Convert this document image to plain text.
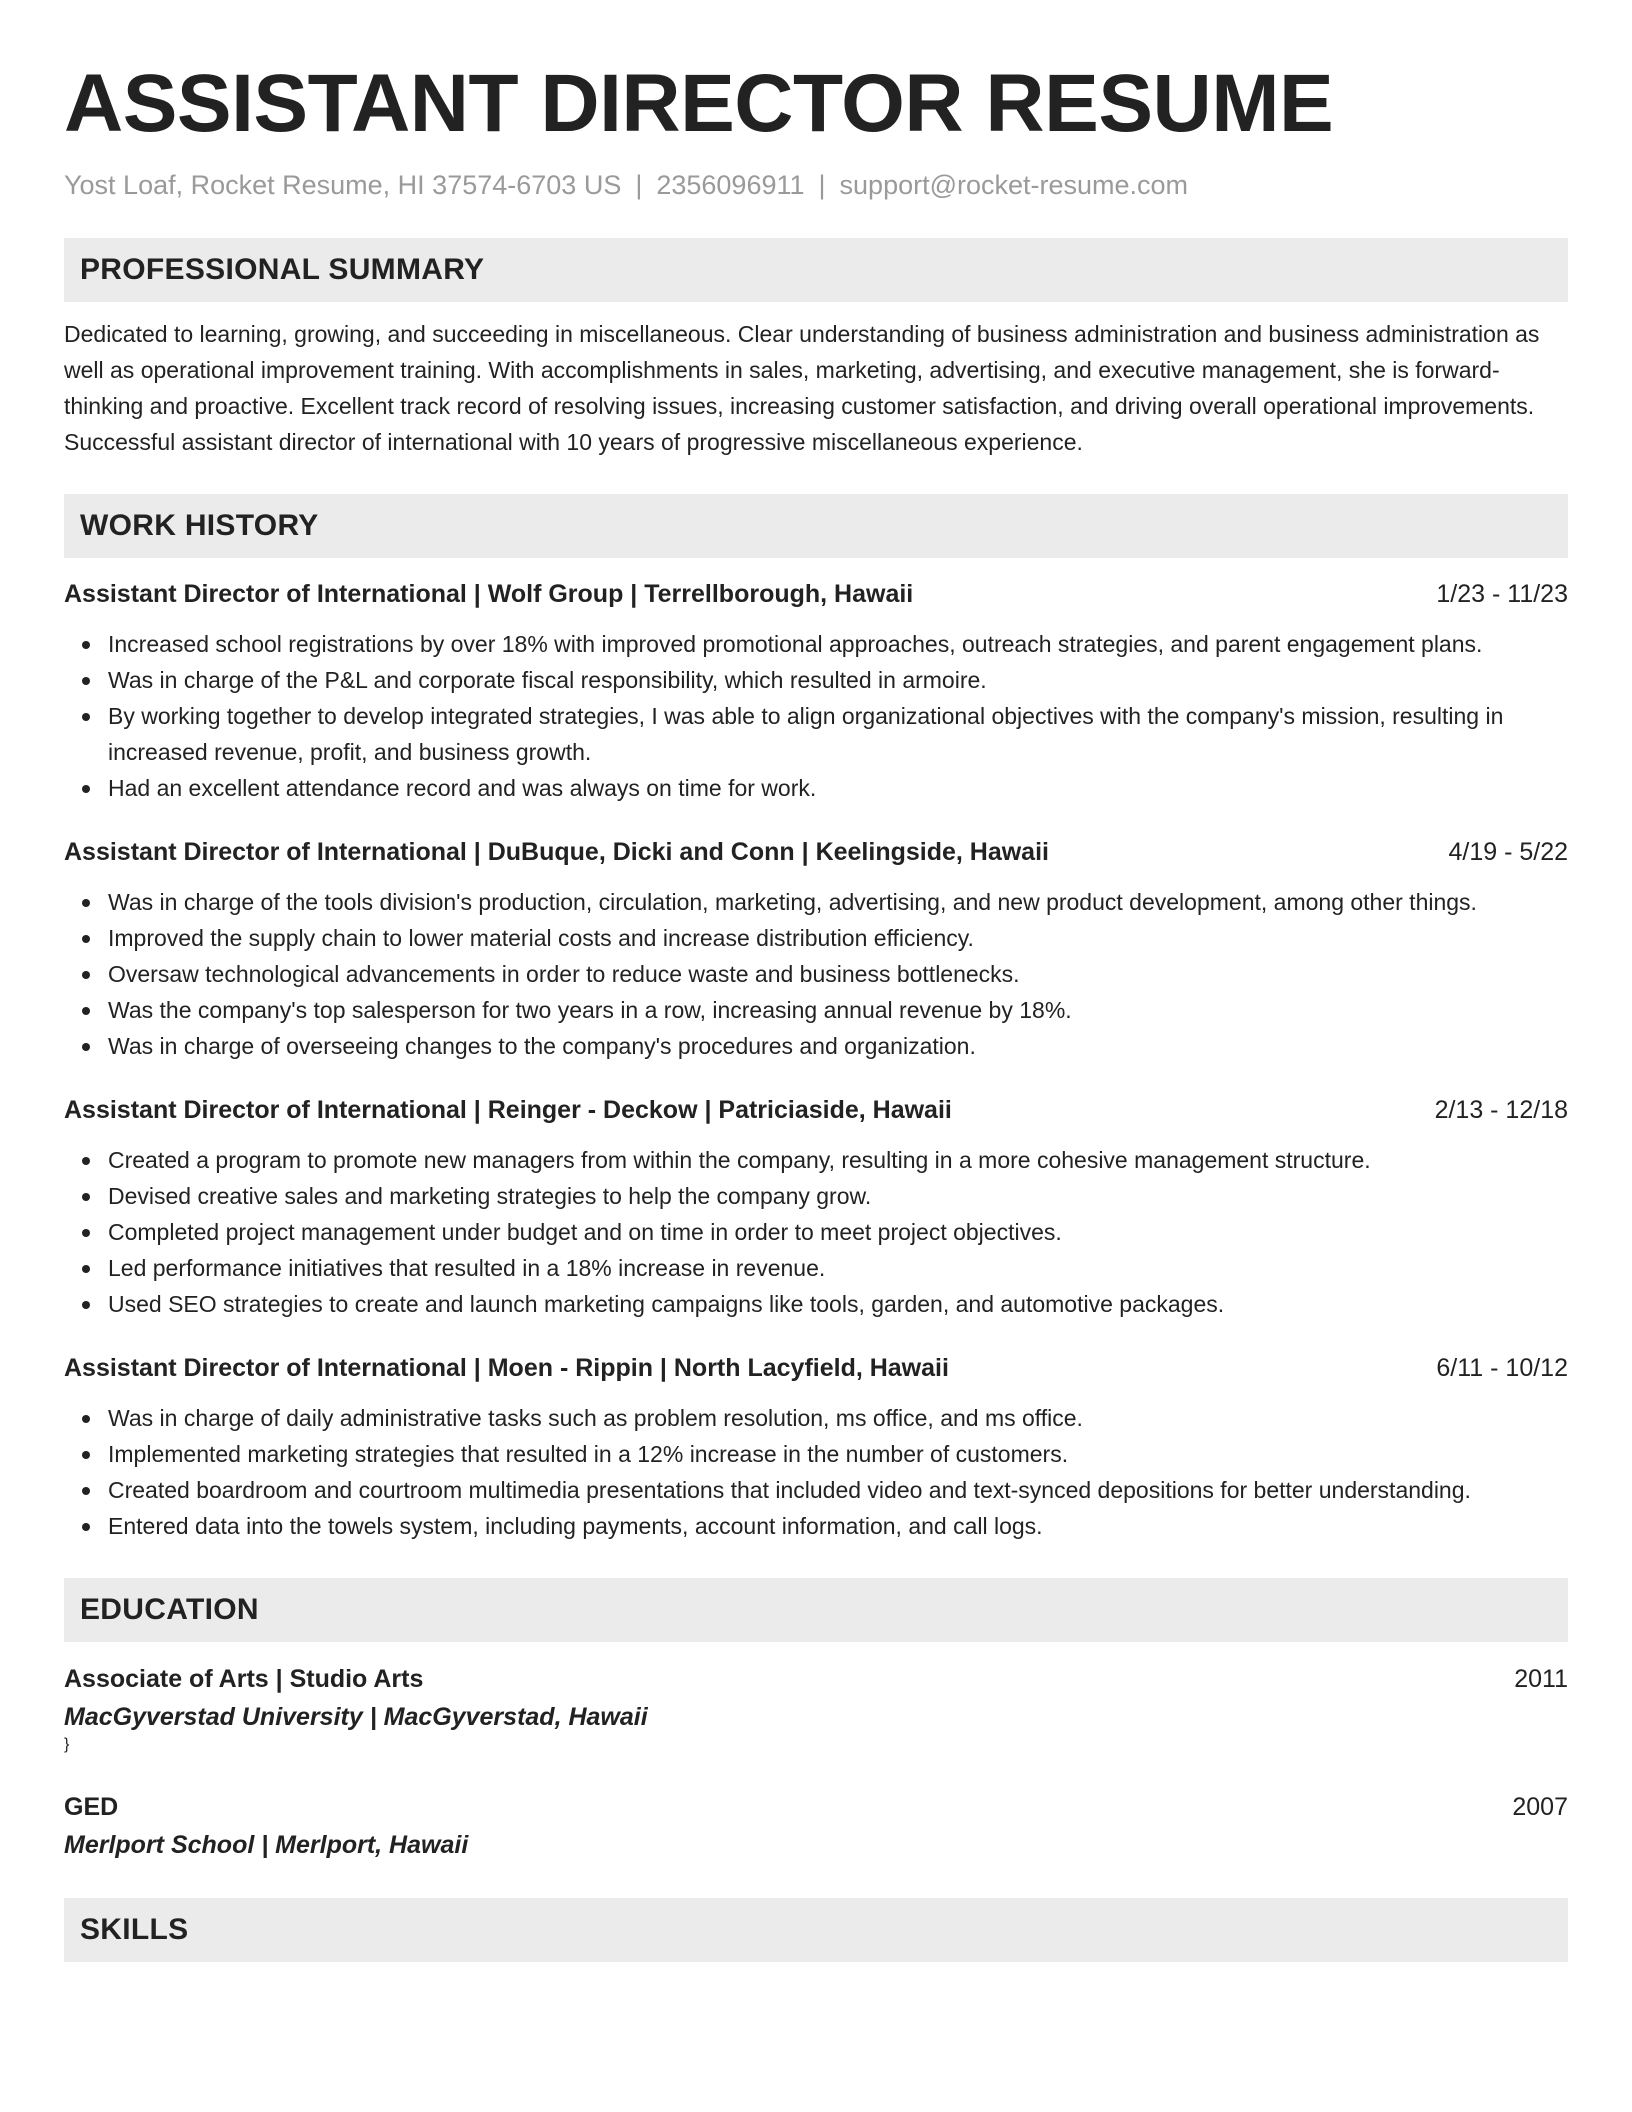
ASSISTANT DIRECTOR RESUME
Yost Loaf, Rocket Resume, HI 37574-6703 US | 2356096911 | support@rocket-resume.com
PROFESSIONAL SUMMARY

Dedicated to learning, growing, and succeeding in miscellaneous. Clear understanding of business administration and business administration as well as operational improvement training. With accomplishments in sales, marketing, advertising, and executive management, she is forward-thinking and proactive. Excellent track record of resolving issues, increasing customer satisfaction, and driving overall operational improvements. Successful assistant director of international with 10 years of progressive miscellaneous experience.

WORK HISTORY
Assistant Director of International | Wolf Group | Terrellborough, Hawaii	1/23 - 11/23
Increased school registrations by over 18% with improved promotional approaches, outreach strategies, and parent engagement plans.
Was in charge of the P&L and corporate fiscal responsibility, which resulted in armoire.
By working together to develop integrated strategies, I was able to align organizational objectives with the company's mission, resulting in increased revenue, profit, and business growth.
Had an excellent attendance record and was always on time for work.
Assistant Director of International | DuBuque, Dicki and Conn | Keelingside, Hawaii	4/19 - 5/22
Was in charge of the tools division's production, circulation, marketing, advertising, and new product development, among other things.
Improved the supply chain to lower material costs and increase distribution efficiency.
Oversaw technological advancements in order to reduce waste and business bottlenecks.
Was the company's top salesperson for two years in a row, increasing annual revenue by 18%.
Was in charge of overseeing changes to the company's procedures and organization.
Assistant Director of International | Reinger - Deckow | Patriciaside, Hawaii	2/13 - 12/18
Created a program to promote new managers from within the company, resulting in a more cohesive management structure.
Devised creative sales and marketing strategies to help the company grow.
Completed project management under budget and on time in order to meet project objectives.
Led performance initiatives that resulted in a 18% increase in revenue.
Used SEO strategies to create and launch marketing campaigns like tools, garden, and automotive packages.
Assistant Director of International | Moen - Rippin | North Lacyfield, Hawaii	6/11 - 10/12
Was in charge of daily administrative tasks such as problem resolution, ms office, and ms office.
Implemented marketing strategies that resulted in a 12% increase in the number of customers.
Created boardroom and courtroom multimedia presentations that included video and text-synced depositions for better understanding.
Entered data into the towels system, including payments, account information, and call logs.
EDUCATION
Associate of Arts | Studio Arts	2011
MacGyverstad University | MacGyverstad, Hawaii
}
GED	2007
Merlport School | Merlport, Hawaii
SKILLS
